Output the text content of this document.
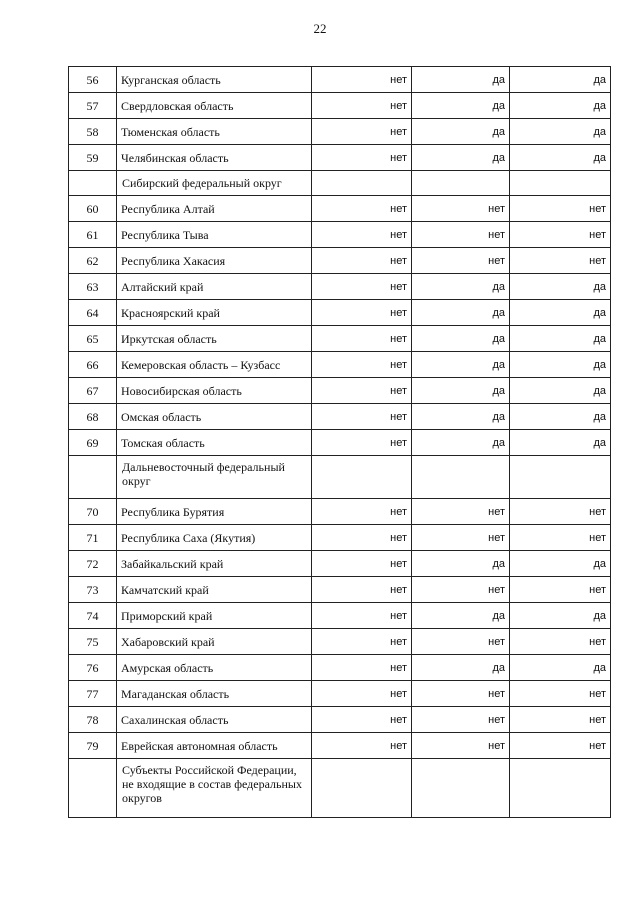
22
56	Курганская область	нет	да	да
57	Свердловская область	нет	да	да
58	Тюменская область	нет	да	да
59	Челябинская область	нет	да	да
	Сибирский федеральный округ			
60	Республика Алтай	нет	нет	нет
61	Республика Тыва	нет	нет	нет
62	Республика Хакасия	нет	нет	нет
63	Алтайский край	нет	да	да
64	Красноярский край	нет	да	да
65	Иркутская область	нет	да	да
66	Кемеровская область – Кузбасс	нет	да	да
67	Новосибирская область	нет	да	да
68	Омская область	нет	да	да
69	Томская область	нет	да	да
	Дальневосточный федеральный округ			
70	Республика Бурятия	нет	нет	нет
71	Республика Саха (Якутия)	нет	нет	нет
72	Забайкальский край	нет	да	да
73	Камчатский край	нет	нет	нет
74	Приморский край	нет	да	да
75	Хабаровский край	нет	нет	нет
76	Амурская область	нет	да	да
77	Магаданская область	нет	нет	нет
78	Сахалинская область	нет	нет	нет
79	Еврейская автономная область	нет	нет	нет
	Субъекты Российской Федерации, не входящие в состав федеральных округов			
